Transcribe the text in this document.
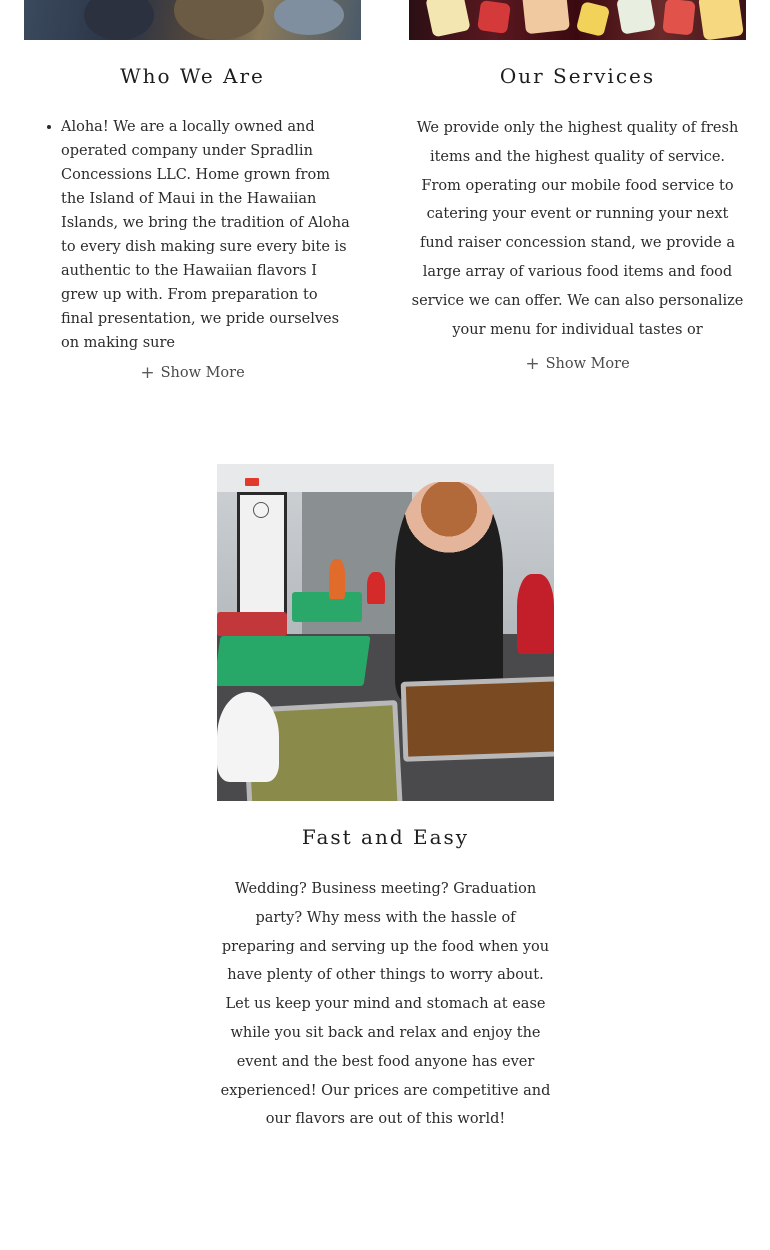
Who We Are
Aloha! We are a locally owned and operated company under Spradlin Concessions LLC. Home grown from the Island of Maui in the Hawaiian Islands, we bring the tradition of Aloha to every dish making sure every bite is authentic to the Hawaiian flavors I grew up with. From preparation to final presentation, we pride ourselves on making sure
+ Show More
Our Services

We provide only the highest quality of fresh items and the highest quality of service. From operating our mobile food service to catering your event or running your next fund raiser concession stand, we provide a large array of various food items and food service we can offer. We can also personalize your menu for individual tastes or

+ Show More
Fast and Easy

Wedding? Business meeting? Graduation party? Why mess with the hassle of preparing and serving up the food when you have plenty of other things to worry about. Let us keep your mind and stomach at ease while you sit back and relax and enjoy the event and the best food anyone has ever experienced! Our prices are competitive and our flavors are out of this world!
